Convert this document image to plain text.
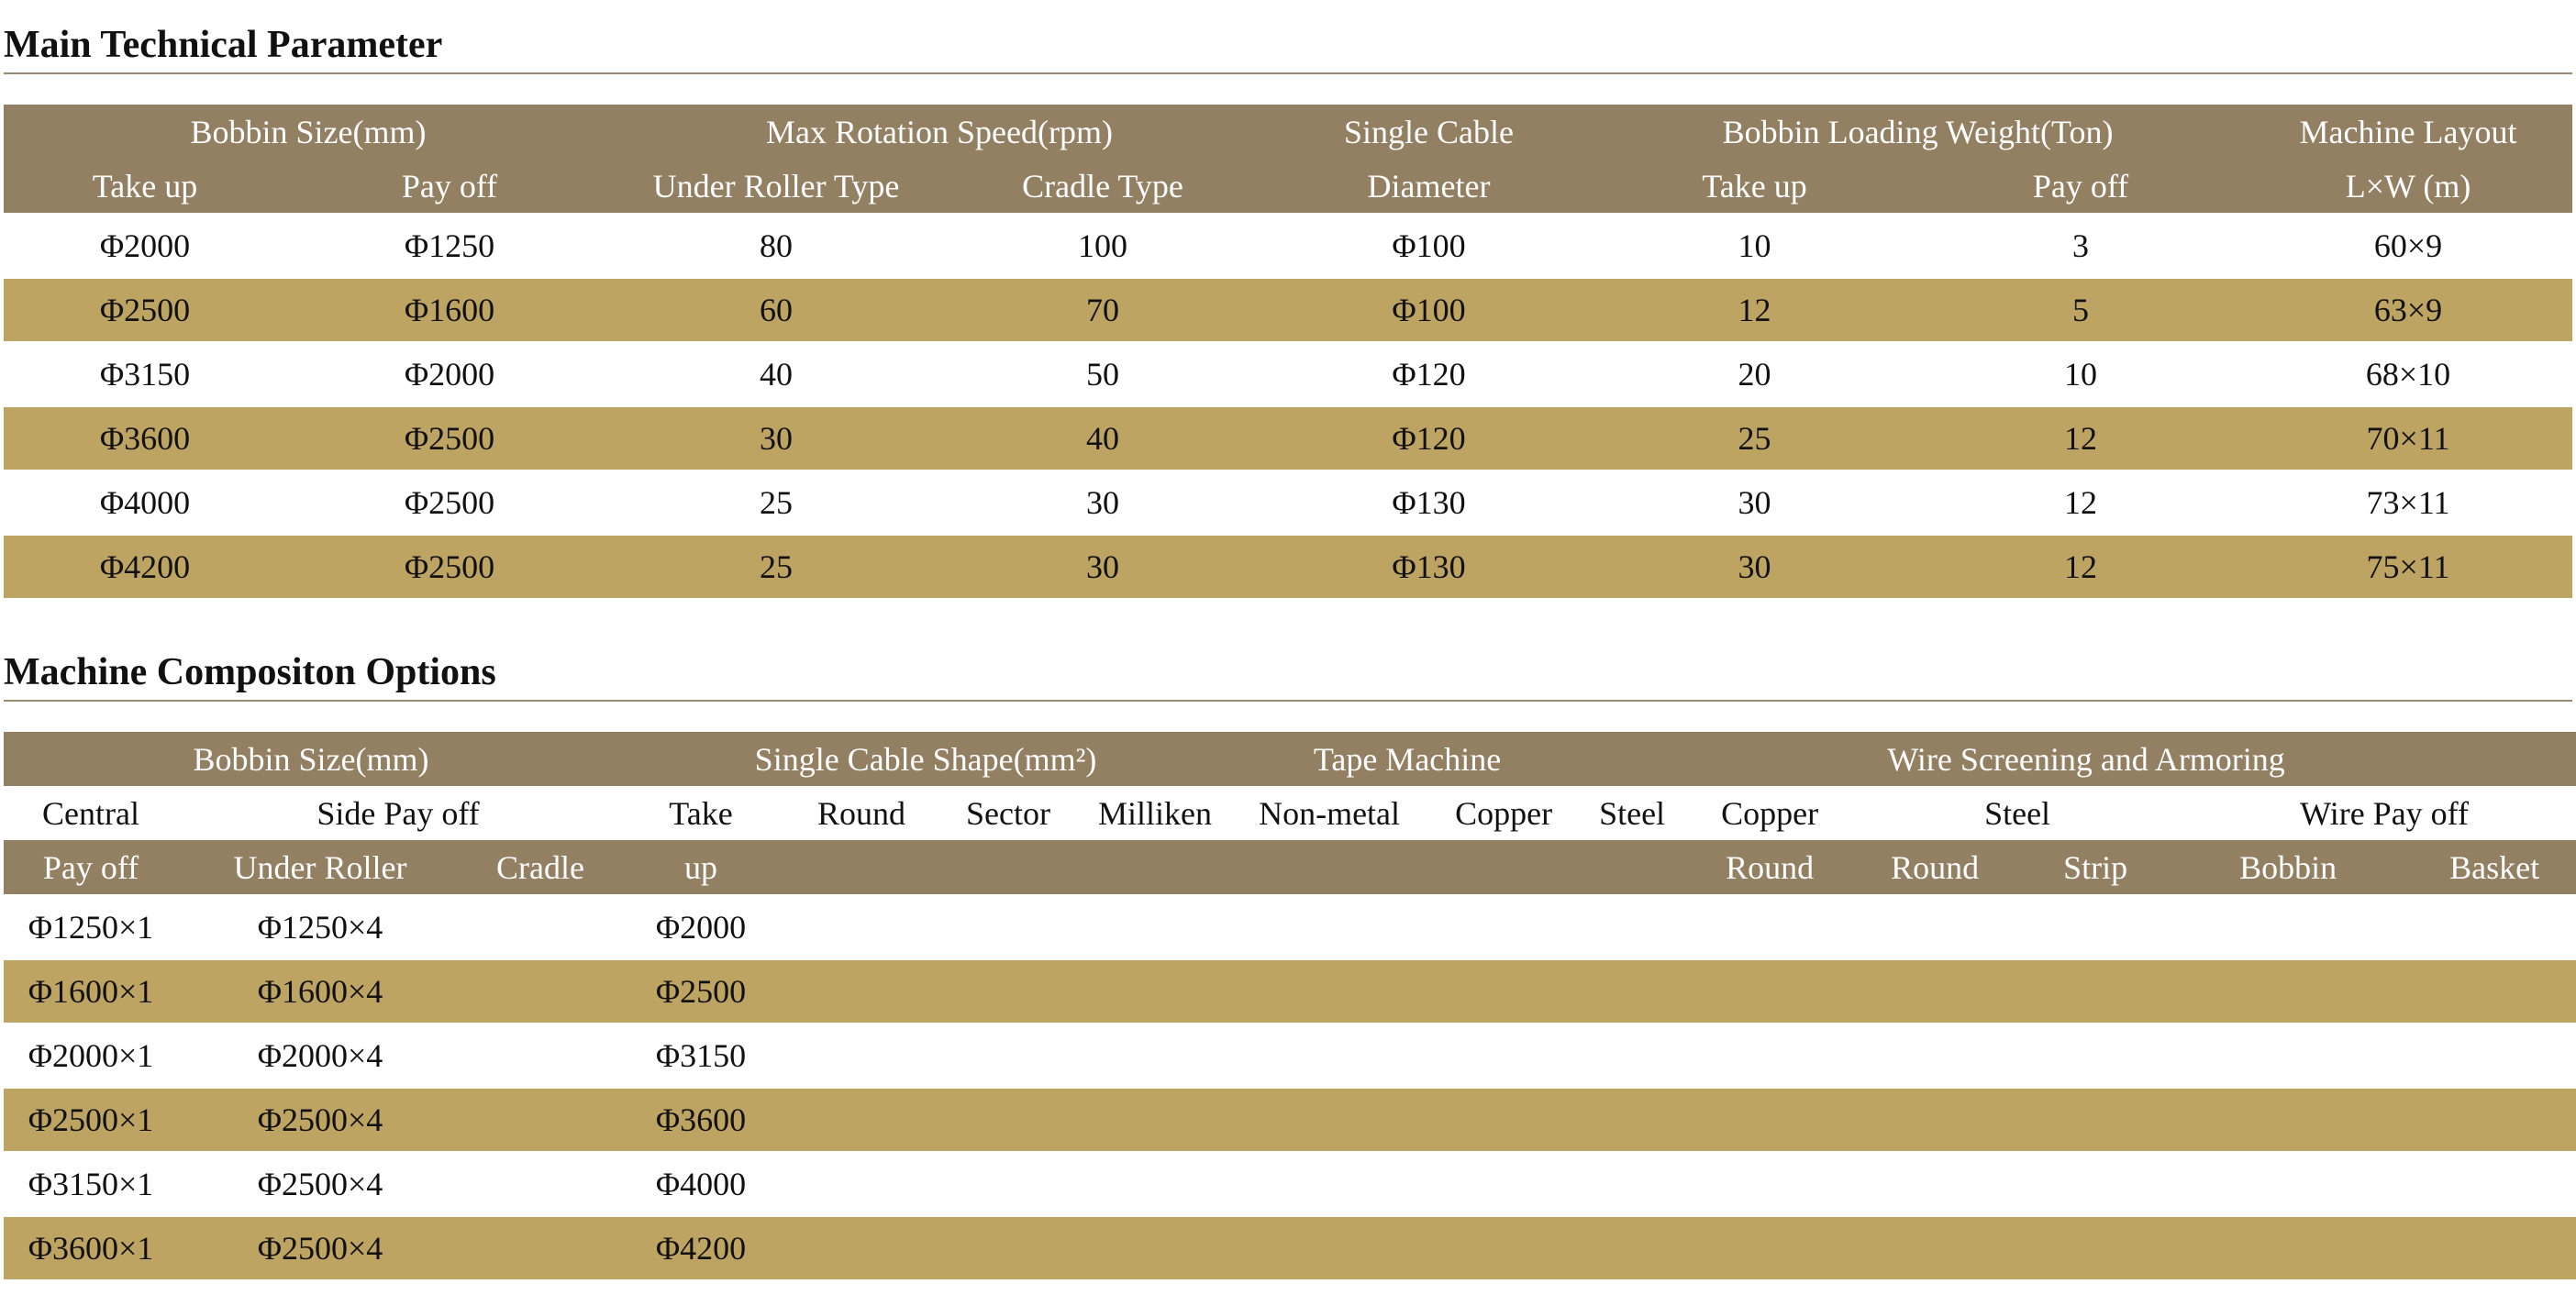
Main Technical Parameter
Bobbin Size(mm)		Max Rotation Speed(rpm)		Single Cable	Bobbin Loading Weight(Ton)		Machine Layout
Take up	Pay off	Under Roller Type	Cradle Type	Diameter	Take up	Pay off	L×W (m)
Φ2000	Φ1250	80	100	Φ100	10	3	60×9
Φ2500	Φ1600	60	70	Φ100	12	5	63×9
Φ3150	Φ2000	40	50	Φ120	20	10	68×10
Φ3600	Φ2500	30	40	Φ120	25	12	70×11
Φ4000	Φ2500	25	30	Φ130	30	12	73×11
Φ4200	Φ2500	25	30	Φ130	30	12	75×11
Machine Compositon Options
Bobbin Size(mm)			Single Cable Shape(mm²)				Tape Machine		Wire Screening and Armoring					
Central	Side Pay off		Take	Round	Sector	Milliken	Non-metal	Copper	Steel	Copper	Steel		Wire Pay off	
Pay off	Under Roller	Cradle	up							Round	Round	Strip	Bobbin	Basket
Φ1250×1	Φ1250×4		Φ2000											
Φ1600×1	Φ1600×4		Φ2500											
Φ2000×1	Φ2000×4		Φ3150											
Φ2500×1	Φ2500×4		Φ3600											
Φ3150×1	Φ2500×4		Φ4000											
Φ3600×1	Φ2500×4		Φ4200											
